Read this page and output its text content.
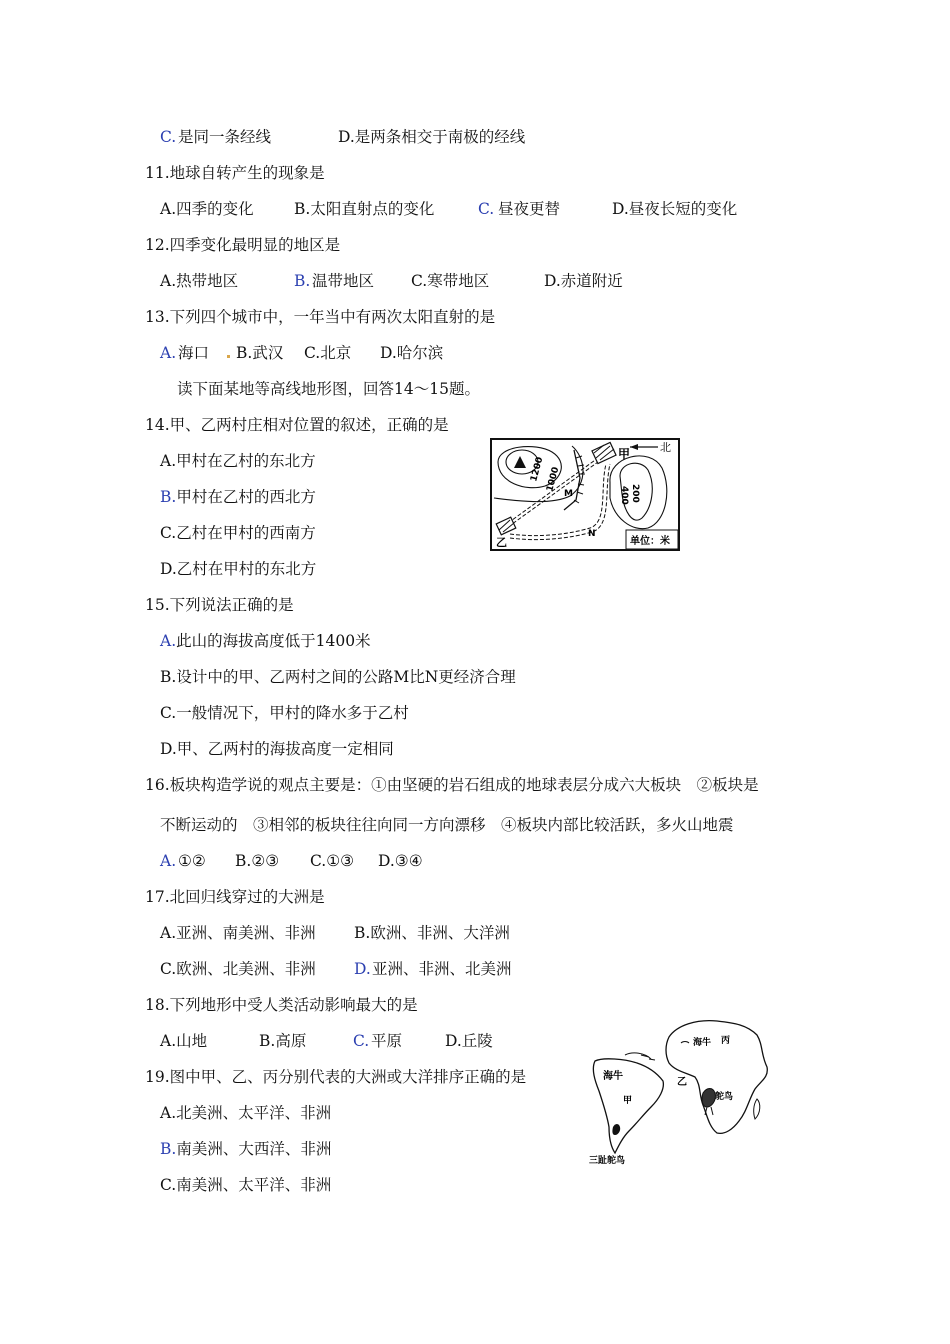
C. 是同一条经线	D.是两条相交于南极的经线
11.地球自转产生的现象是
A.四季的变化	B.太阳直射点的变化	C. 昼夜更替	D.昼夜长短的变化
12.四季变化最明显的地区是
A.热带地区	B. 温带地区 C.寒带地区	D.赤道附近
13.下列四个城市中，一年当中有两次太阳直射的是
A. 海口 B.武汉 C.北京 D.哈尔滨
读下面某地等高线地形图，回答14～15题。
14.甲、乙两村庄相对位置的叙述，正确的是
A.甲村在乙村的东北方
B.甲村在乙村的西北方
C.乙村在甲村的西南方
D.乙村在甲村的东北方
北
甲
乙
M
N
1200 1000
400 200
单位：米
15.下列说法正确的是
A.此山的海拔高度低于1400米
B.设计中的甲、乙两村之间的公路M比N更经济合理
C.一般情况下，甲村的降水多于乙村
D.甲、乙两村的海拔高度一定相同
16.板块构造学说的观点主要是：①由坚硬的岩石组成的地球表层分成六大板块　②板块是
不断运动的　③相邻的板块往往向同一方向漂移　④板块内部比较活跃，多火山地震
A. ①② B.②③ C.①③ D.③④
17.北回归线穿过的大洲是
A.亚洲、南美洲、非洲 B.欧洲、非洲、大洋洲
C.欧洲、北美洲、非洲 D. 亚洲、非洲、北美洲
18.下列地形中受人类活动影响最大的是
A.山地	B.高原	C. 平原	D.丘陵
19.图中甲、乙、丙分别代表的大洲或大洋排序正确的是
A.北美洲、太平洋、非洲
B.南美洲、大西洋、非洲
C.南美洲、太平洋、非洲
海牛
甲
三趾鸵鸟
海牛 丙
乙
鸵鸟
